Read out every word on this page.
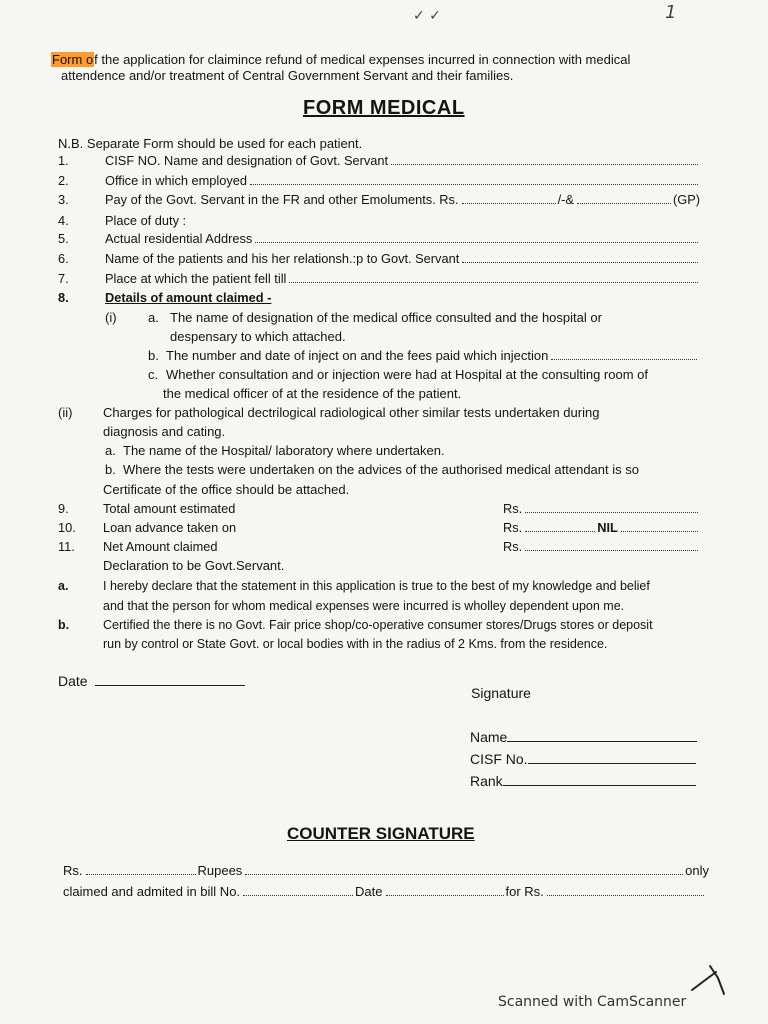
✓ ✓	1
Form of the application for claimince refund of medical expenses incurred in connection with medical
attendence and/or treatment of Central Government Servant and their families.
FORM MEDICAL
N.B. Separate Form should be used for each patient.
1.	CISF NO. Name and designation of Govt. Servant
2.	Office in which employed
3.	Pay of the Govt. Servant in the FR and other Emoluments. Rs.	/-&	(GP)
4.	Place of duty :
5.	Actual residential Address
6.	Name of the patients and his her relationsh.:p to Govt. Servant
7.	Place at which the patient fell till
8.	Details of amount claimed -
(i) a. The name of designation of the medical office consulted and the hospital or
despensary to which attached.
b. The number and date of inject on and the fees paid which injection
c. Whether consultation and or injection were had at Hospital at the consulting room of
the medical officer of at the residence of the patient.
(ii) Charges for pathological dectrilogical radiological other similar tests undertaken during
diagnosis and cating.
a. The name of the Hospital/ laboratory where undertaken.
b. Where the tests were undertaken on the advices of the authorised medical attendant is so
Certificate of the office should be attached.
9.	Total amount estimated	Rs.
10.	Loan advance taken on	Rs.	NIL
11.	Net Amount claimed	Rs.
Declaration to be Govt.Servant.
a.	I hereby declare that the statement in this application is true to the best of my knowledge and belief
and that the person for whom medical expenses were incurred is wholley dependent upon me.
b.	Certified the there is no Govt. Fair price shop/co-operative consumer stores/Drugs stores or deposit
run by control or State Govt. or local bodies with in the radius of 2 Kms. from the residence.
Date
Signature
Name
CISF No.
Rank
COUNTER SIGNATURE
Rs.	Rupees	only
claimed and admited in bill No.	Date	for Rs.
Scanned with CamScanner
